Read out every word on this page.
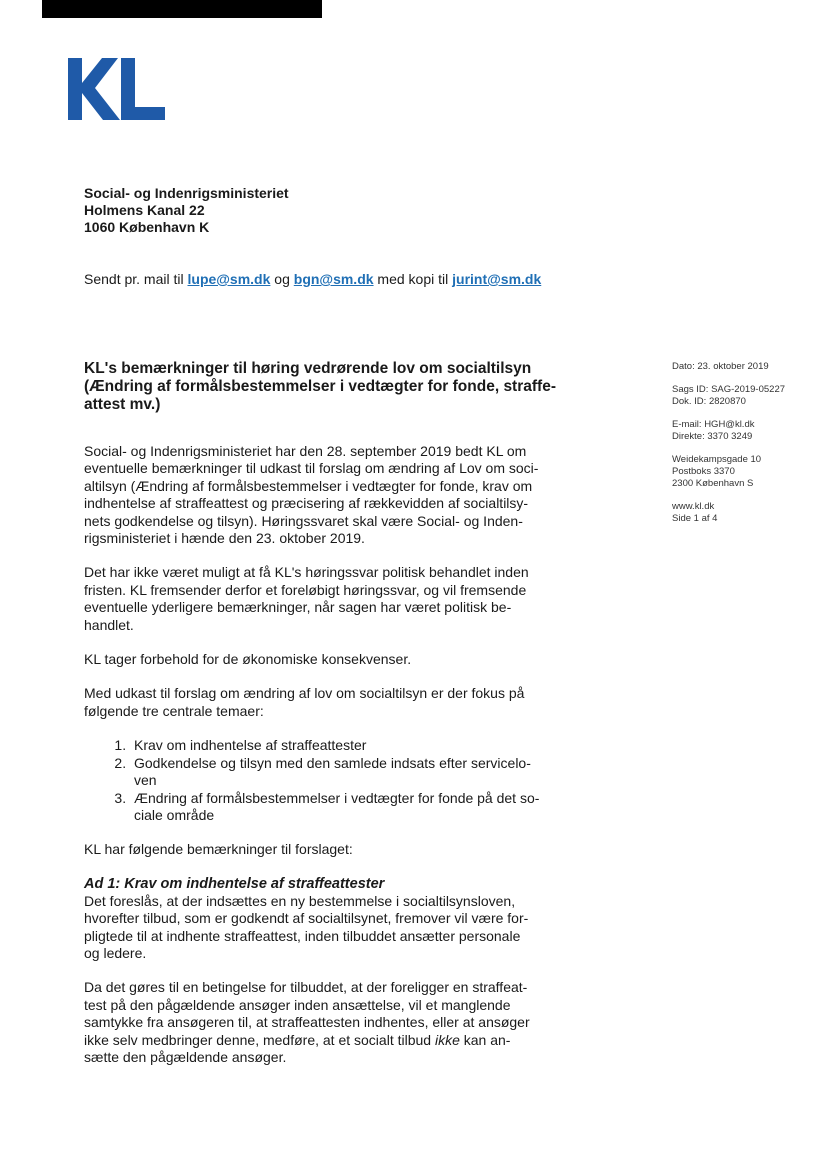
Social- og Indenrigsministeriet
Holmens Kanal 22
1060 København K
Sendt pr. mail til lupe@sm.dk og bgn@sm.dk med kopi til jurint@sm.dk
KL's bemærkninger til høring vedrørende lov om socialtilsyn
(Ændring af formålsbestemmelser i vedtægter for fonde, straffe-
attest mv.)
Dato: 23. oktober 2019
Sags ID: SAG-2019-05227
Dok. ID: 2820870
E-mail: HGH@kl.dk
Direkte: 3370 3249
Weidekampsgade 10
Postboks 3370
2300 København S
www.kl.dk
Side 1 af 4

Social- og Indenrigsministeriet har den 28. september 2019 bedt KL om
eventuelle bemærkninger til udkast til forslag om ændring af Lov om soci-
altilsyn (Ændring af formålsbestemmelser i vedtægter for fonde, krav om
indhentelse af straffeattest og præcisering af rækkevidden af socialtilsy-
nets godkendelse og tilsyn). Høringssvaret skal være Social- og Inden-
rigsministeriet i hænde den 23. oktober 2019.

Det har ikke været muligt at få KL's høringssvar politisk behandlet inden
fristen. KL fremsender derfor et foreløbigt høringssvar, og vil fremsende
eventuelle yderligere bemærkninger, når sagen har været politisk be-
handlet.

KL tager forbehold for de økonomiske konsekvenser.

Med udkast til forslag om ændring af lov om socialtilsyn er der fokus på
følgende tre centrale temaer:

1. Krav om indhentelse af straffeattester
2. Godkendelse og tilsyn med den samlede indsats efter servicelo-
ven
3. Ændring af formålsbestemmelser i vedtægter for fonde på det so-
ciale område

KL har følgende bemærkninger til forslaget:

Ad 1: Krav om indhentelse af straffeattester

Det foreslås, at der indsættes en ny bestemmelse i socialtilsynsloven,
hvorefter tilbud, som er godkendt af socialtilsynet, fremover vil være for-
pligtede til at indhente straffeattest, inden tilbuddet ansætter personale
og ledere.

Da det gøres til en betingelse for tilbuddet, at der foreligger en straffeat-
test på den pågældende ansøger inden ansættelse, vil et manglende
samtykke fra ansøgeren til, at straffeattesten indhentes, eller at ansøger
ikke selv medbringer denne, medføre, at et socialt tilbud ikke kan an-
sætte den pågældende ansøger.
